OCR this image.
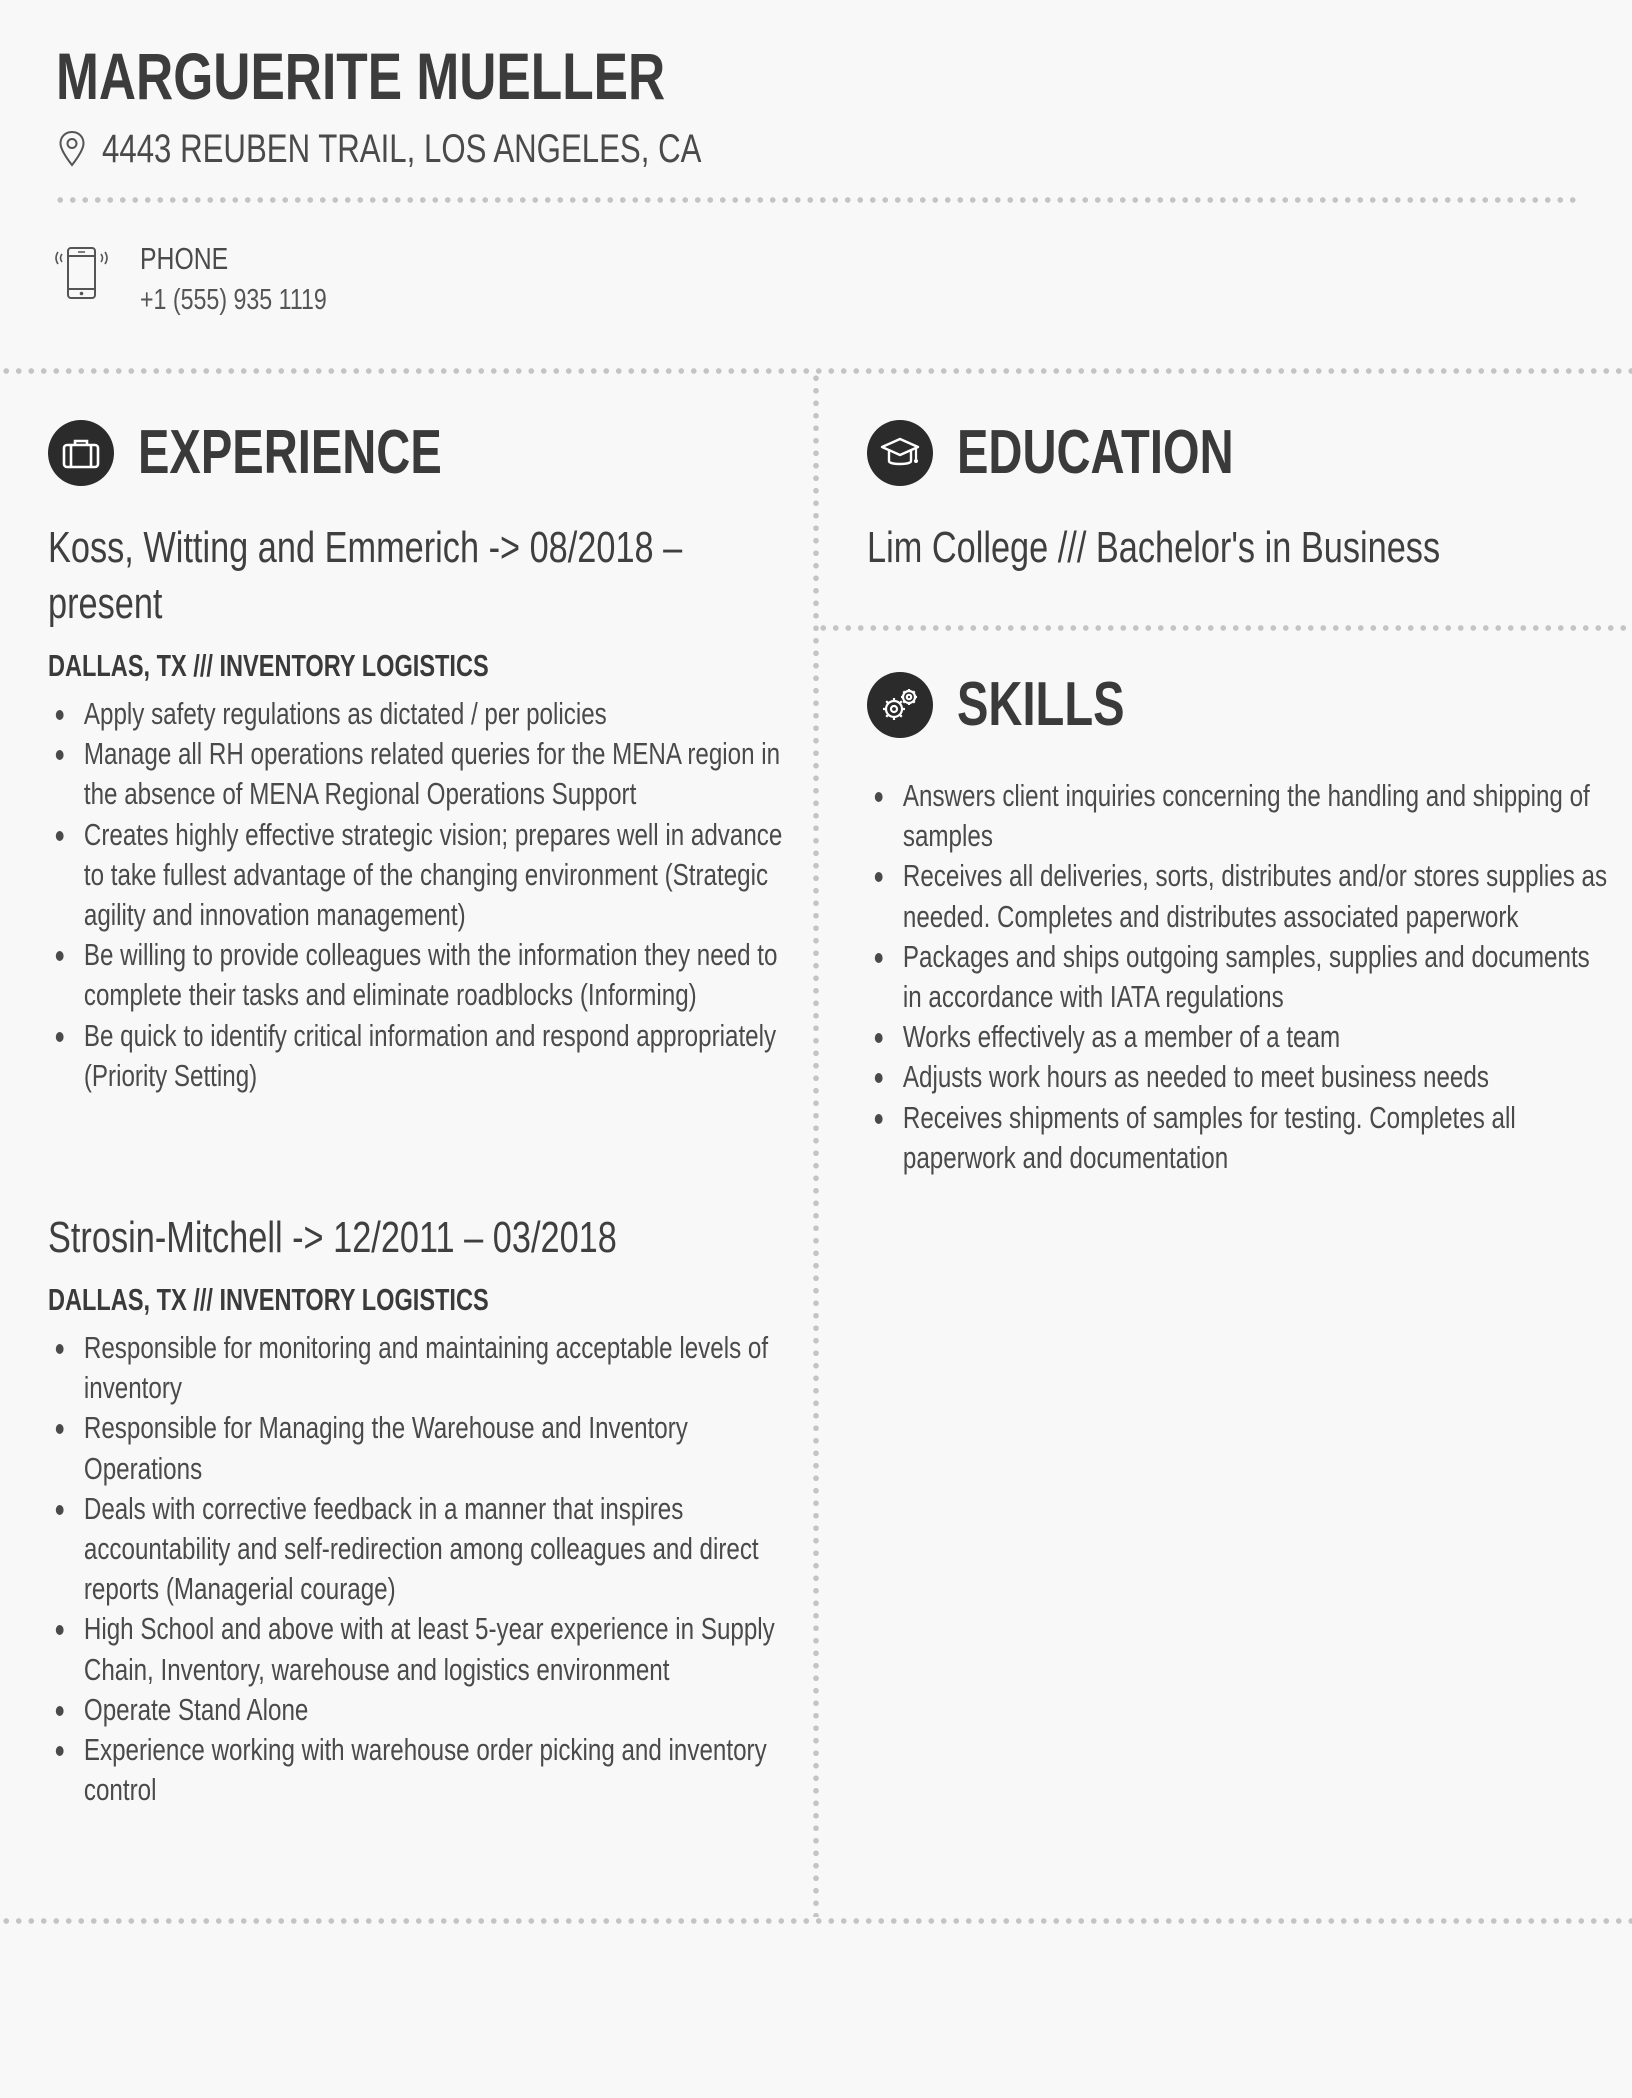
MARGUERITE MUELLER
4443 REUBEN TRAIL, LOS ANGELES, CA
PHONE
+1 (555) 935 1119
EXPERIENCE
Koss, Witting and Emmerich -> 08/2018 – present
DALLAS, TX /// INVENTORY LOGISTICS
Apply safety regulations as dictated / per policies
Manage all RH operations related queries for the MENA region in the absence of MENA Regional Operations Support
Creates highly effective strategic vision; prepares well in advance to take fullest advantage of the changing environment (Strategic agility and innovation management)
Be willing to provide colleagues with the information they need to complete their tasks and eliminate roadblocks (Informing)
Be quick to identify critical information and respond appropriately (Priority Setting)
Strosin-Mitchell -> 12/2011 – 03/2018
DALLAS, TX /// INVENTORY LOGISTICS
Responsible for monitoring and maintaining acceptable levels of inventory
Responsible for Managing the Warehouse and Inventory Operations
Deals with corrective feedback in a manner that inspires accountability and self-redirection among colleagues and direct reports (Managerial courage)
High School and above with at least 5-year experience in Supply Chain, Inventory, warehouse and logistics environment
Operate Stand Alone
Experience working with warehouse order picking and inventory control
EDUCATION
Lim College /// Bachelor's in Business
SKILLS
Answers client inquiries concerning the handling and shipping of samples
Receives all deliveries, sorts, distributes and/or stores supplies as needed. Completes and distributes associated paperwork
Packages and ships outgoing samples, supplies and documents in accordance with IATA regulations
Works effectively as a member of a team
Adjusts work hours as needed to meet business needs
Receives shipments of samples for testing. Completes all paperwork and documentation
